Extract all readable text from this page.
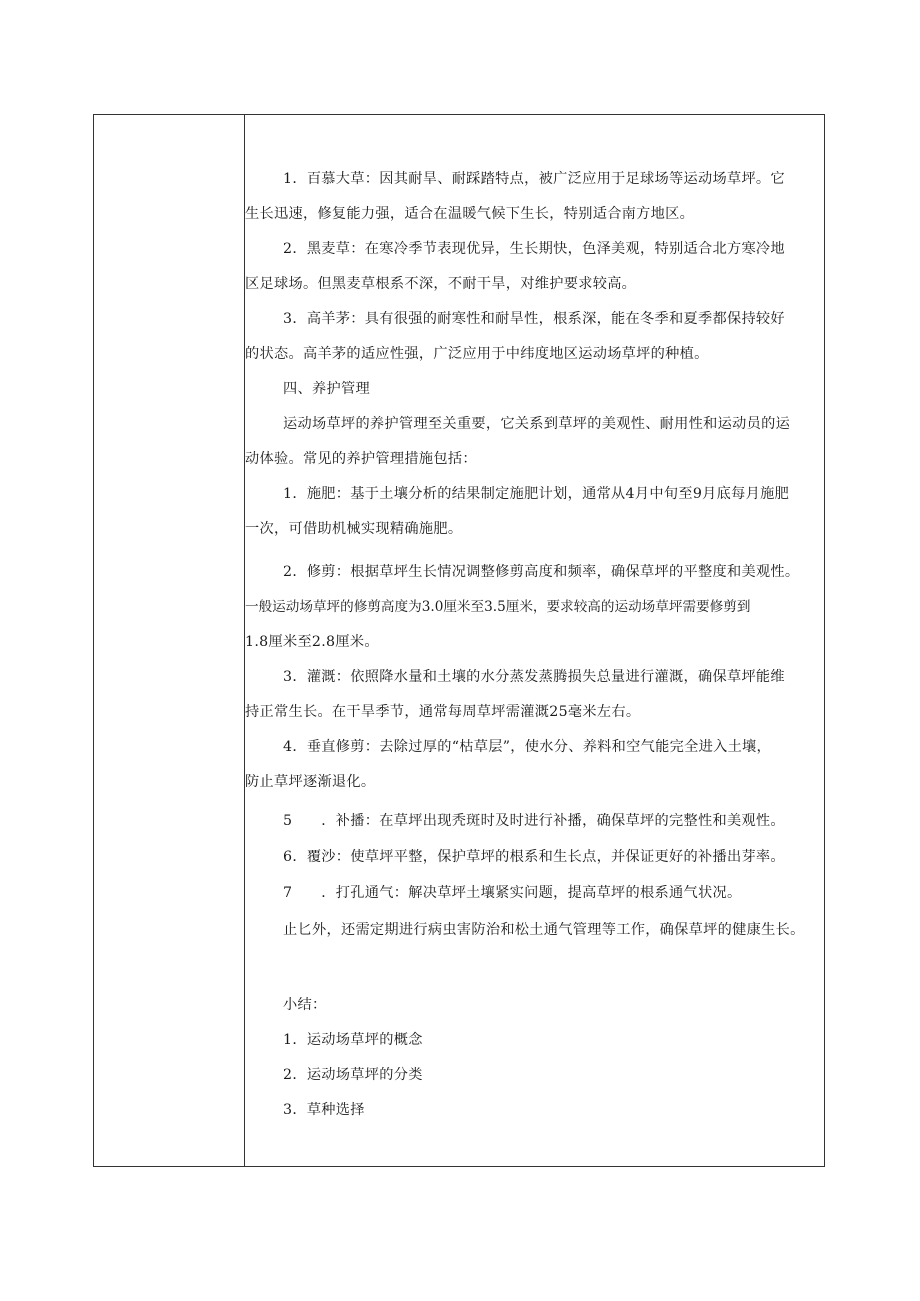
1．百慕大草：因其耐旱、耐踩踏特点，被广泛应用于足球场等运动场草坪。它
生长迅速，修复能力强，适合在温暖气候下生长，特别适合南方地区。
2．黑麦草：在寒冷季节表现优异，生长期快，色泽美观，特别适合北方寒冷地
区足球场。但黑麦草根系不深，不耐干旱，对维护要求较高。
3．高羊茅：具有很强的耐寒性和耐旱性，根系深，能在冬季和夏季都保持较好
的状态。高羊茅的适应性强，广泛应用于中纬度地区运动场草坪的种植。
四、养护管理
运动场草坪的养护管理至关重要，它关系到草坪的美观性、耐用性和运动员的运
动体验。常见的养护管理措施包括：
1．施肥：基于土壤分析的结果制定施肥计划，通常从4月中旬至9月底每月施肥
一次，可借助机械实现精确施肥。
2．修剪：根据草坪生长情况调整修剪高度和频率，确保草坪的平整度和美观性。
一般运动场草坪的修剪高度为3.0厘米至3.5厘米，要求较高的运动场草坪需要修剪到
1.8厘米至2.8厘米。
3．灌溉：依照降水量和土壤的水分蒸发蒸腾损失总量进行灌溉，确保草坪能维
持正常生长。在干旱季节，通常每周草坪需灌溉25毫米左右。
4．垂直修剪：去除过厚的“枯草层”，使水分、养料和空气能完全进入土壤，
防止草坪逐渐退化。
5　　．补播：在草坪出现秃斑时及时进行补播，确保草坪的完整性和美观性。
6．覆沙：使草坪平整，保护草坪的根系和生长点，并保证更好的补播出芽率。
7　　．打孔通气：解决草坪土壤紧实问题，提高草坪的根系通气状况。
止匕外，还需定期进行病虫害防治和松土通气管理等工作，确保草坪的健康生长。
小结：
1．运动场草坪的概念
2．运动场草坪的分类
3．草种选择
